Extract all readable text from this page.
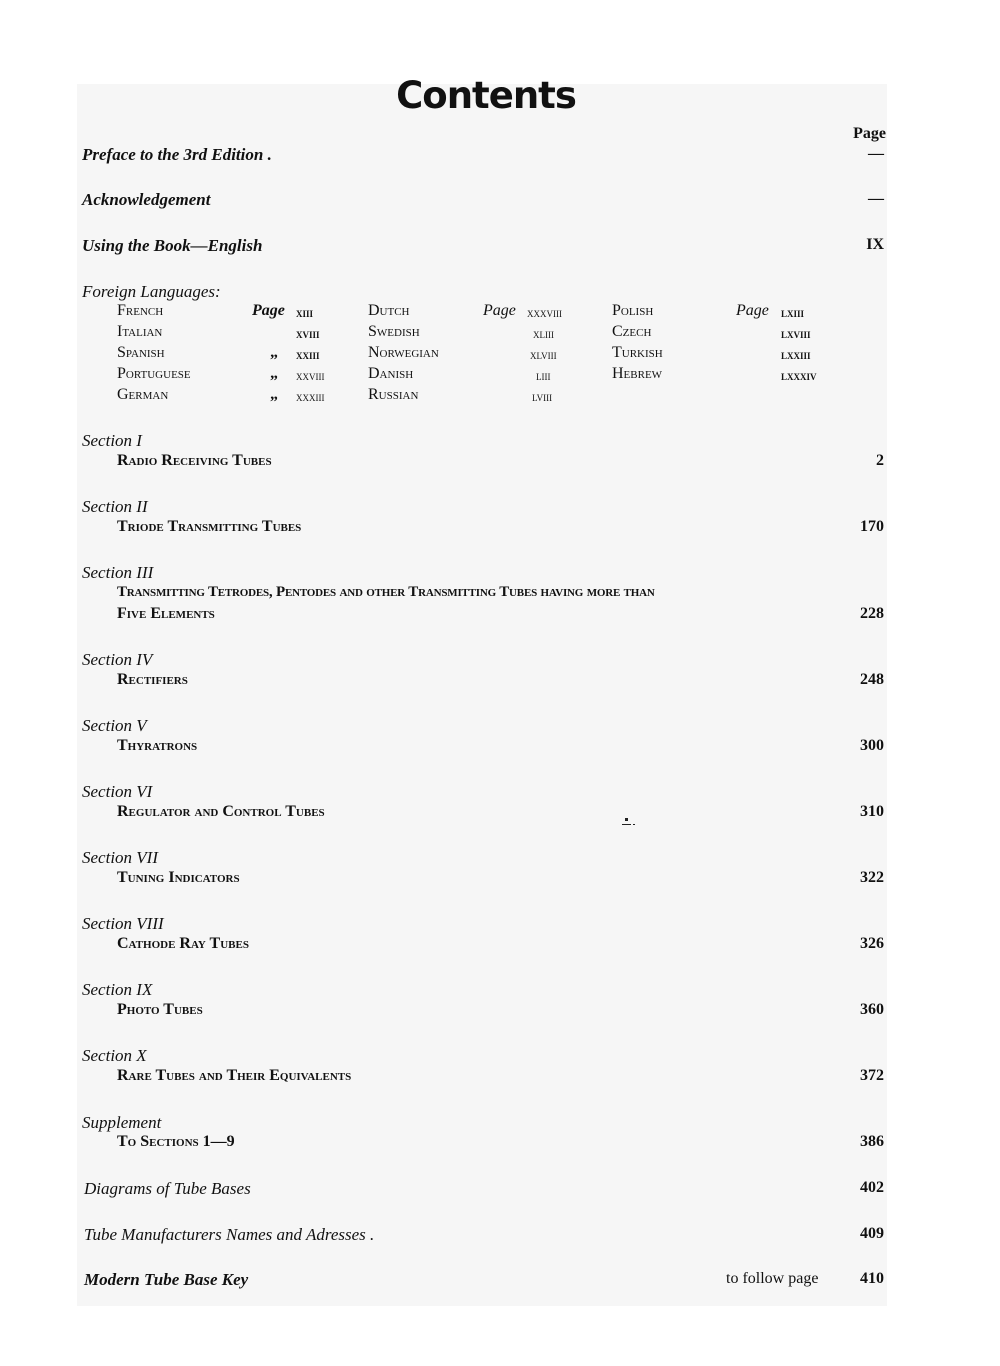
Contents
Page
Preface to the 3rd Edition .	—
Acknowledgement	—
Using the Book—English	IX
Foreign Languages:
French	Page xiii
Italian	xviii
Spanish	„ xxiii
Portuguese	„ xxviii
German	„ xxxiii
Dutch	Page xxxviii
Swedish	xliii
Norwegian	xlviii
Danish	liii
Russian	lviii
Polish	Page lxiii
Czech	lxviii
Turkish	lxxiii
Hebrew	lxxxiv
Section I
Radio Receiving Tubes	2
Section II
Triode Transmitting Tubes	170
Section III
Transmitting Tetrodes, Pentodes and other Transmitting Tubes having more than
Five Elements	228
Section IV
Rectifiers	248
Section V
Thyratrons	300
Section VI
Regulator and Control Tubes	310
Section VII
Tuning Indicators	322
Section VIII
Cathode Ray Tubes	326
Section IX
Photo Tubes	360
Section X
Rare Tubes and Their Equivalents	372
Supplement
To Sections 1—9	386
Diagrams of Tube Bases	402
Tube Manufacturers Names and Adresses .	409
Modern Tube Base Key	to follow page	410
